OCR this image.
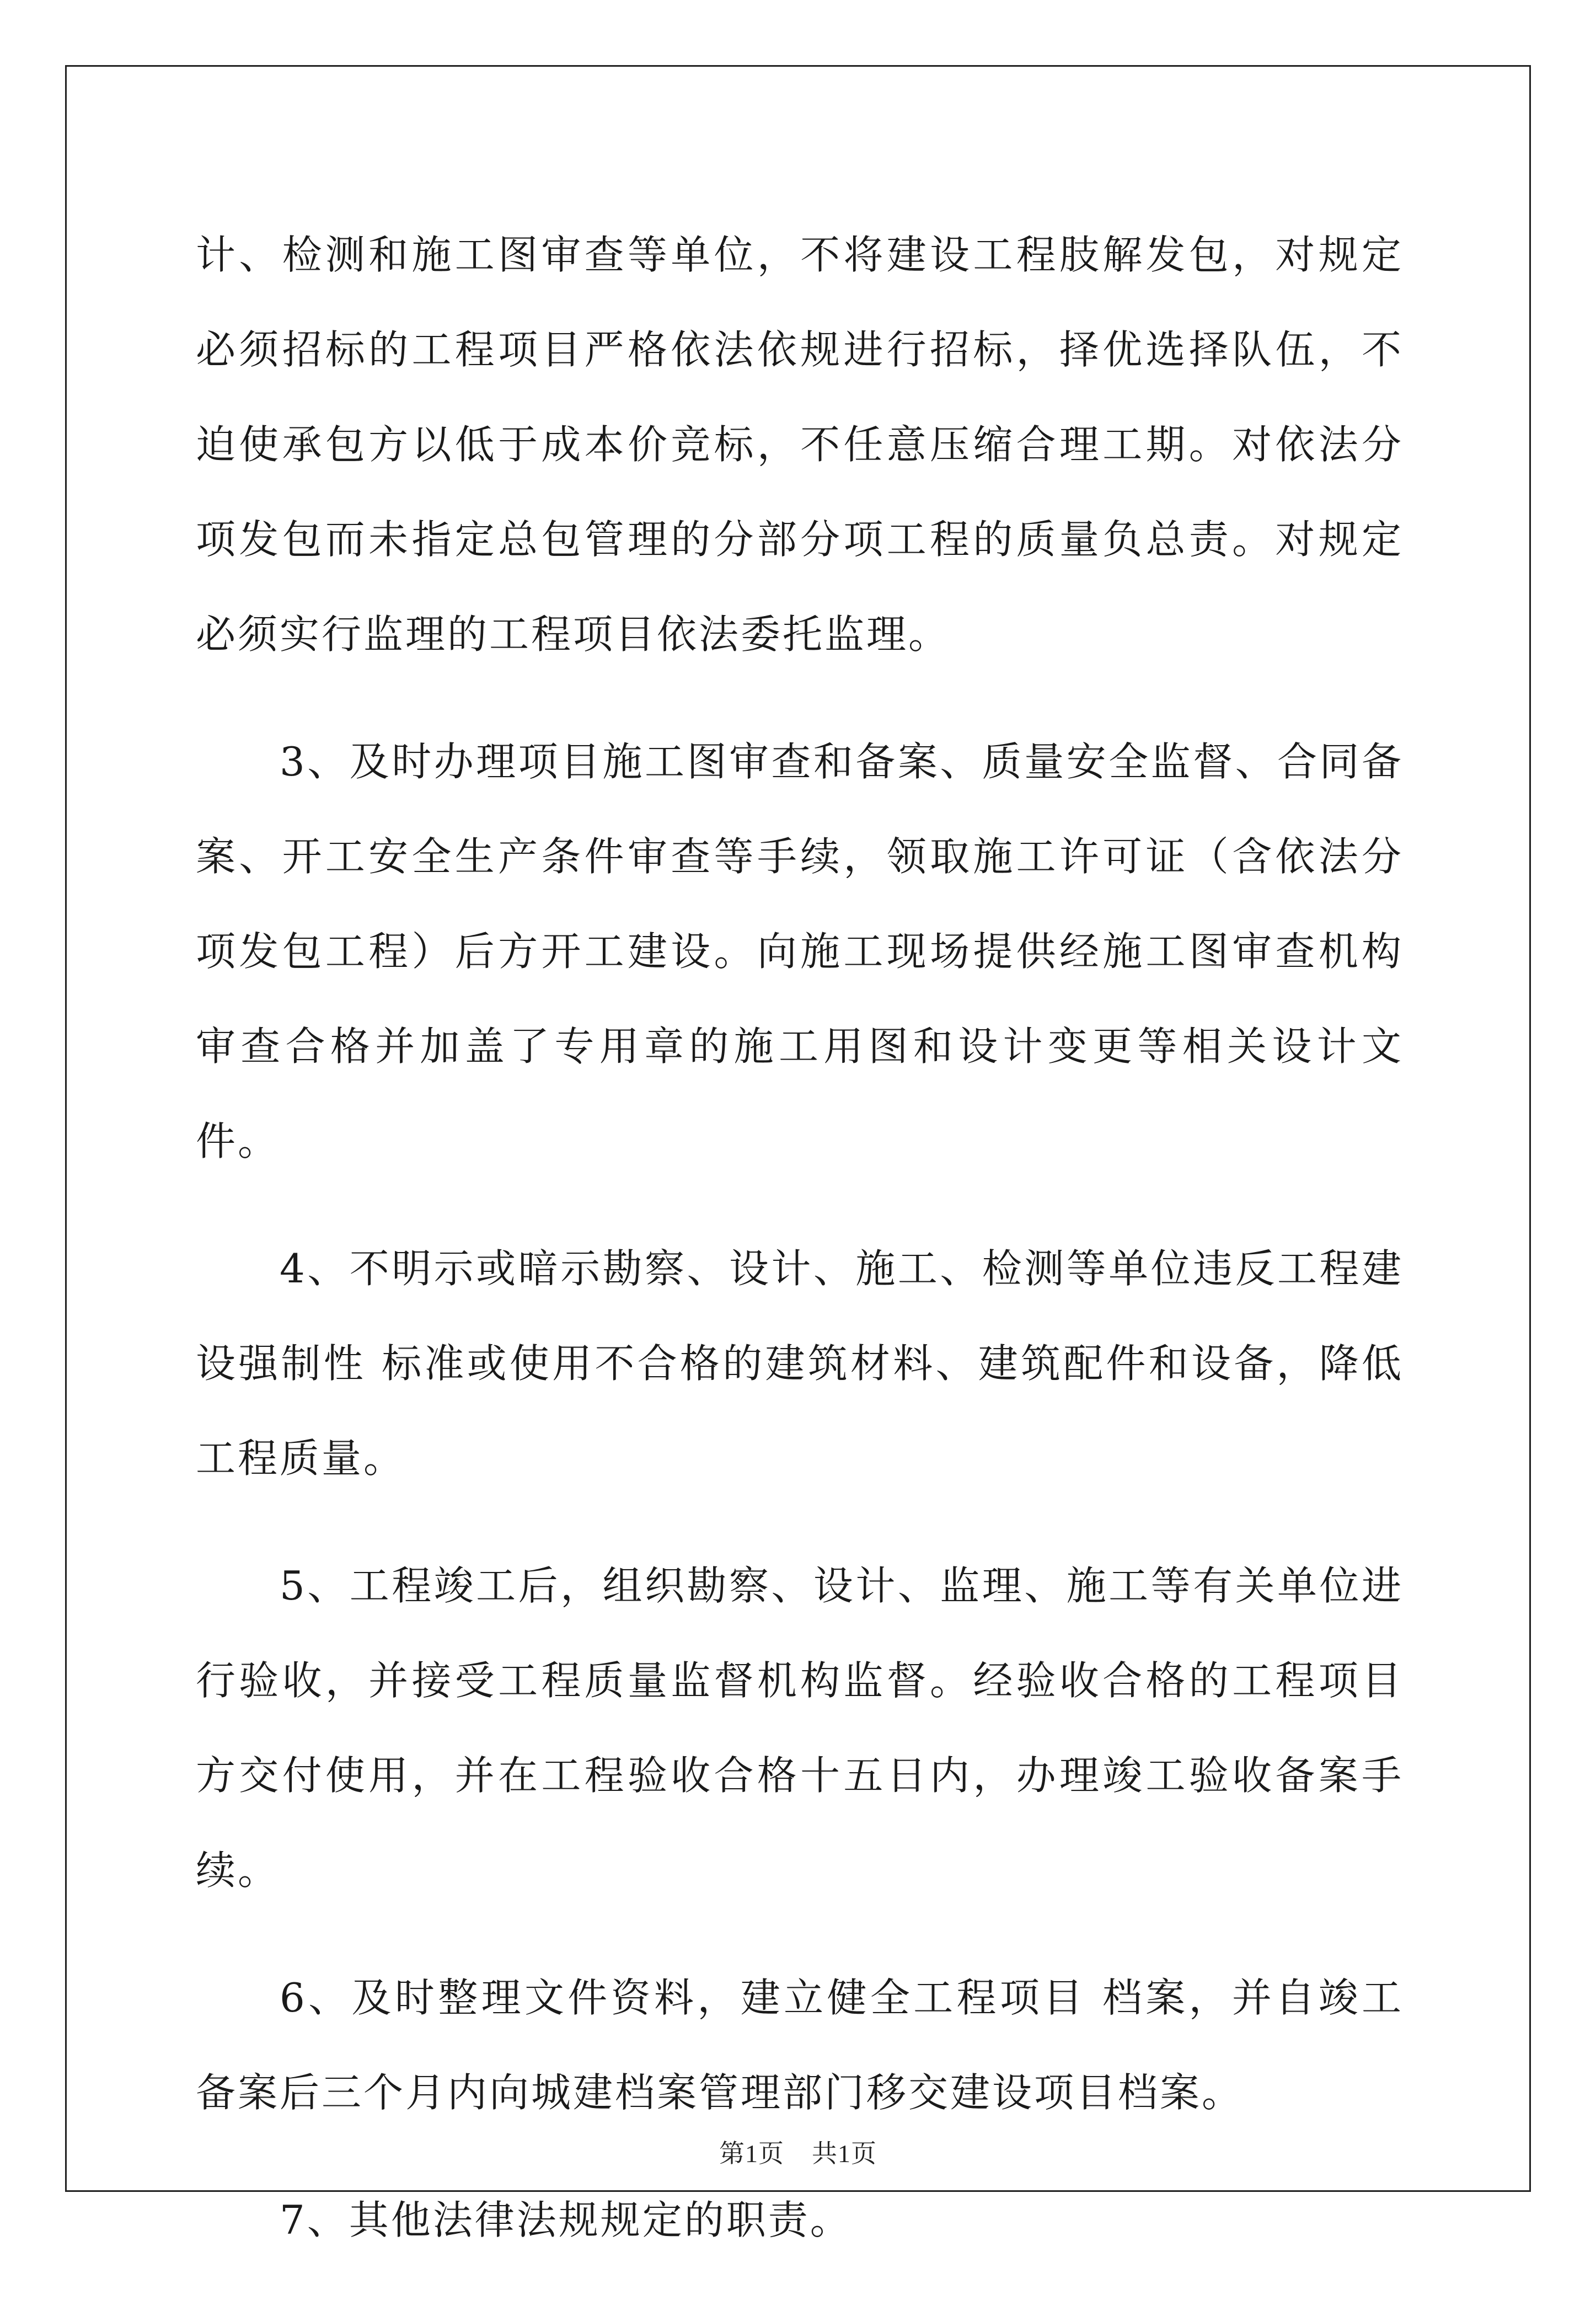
计、检测和施工图审查等单位，不将建设工程肢解发包，对规定必须招标的工程项目严格依法依规进行招标，择优选择队伍，不迫使承包方以低于成本价竞标，不任意压缩合理工期。对依法分项发包而未指定总包管理的分部分项工程的质量负总责。对规定必须实行监理的工程项目依法委托监理。

3、及时办理项目施工图审查和备案、质量安全监督、合同备案、开工安全生产条件审查等手续，领取施工许可证（含依法分项发包工程）后方开工建设。向施工现场提供经施工图审查机构审查合格并加盖了专用章的施工用图和设计变更等相关设计文件。

4、不明示或暗示勘察、设计、施工、检测等单位违反工程建设强制性 标准或使用不合格的建筑材料、建筑配件和设备，降低工程质量。

5、工程竣工后，组织勘察、设计、监理、施工等有关单位进行验收，并接受工程质量监督机构监督。经验收合格的工程项目方交付使用，并在工程验收合格十五日内，办理竣工验收备案手续。

6、及时整理文件资料，建立健全工程项目 档案，并自竣工备案后三个月内向城建档案管理部门移交建设项目档案。

7、其他法律法规规定的职责。

第1页 共1页
